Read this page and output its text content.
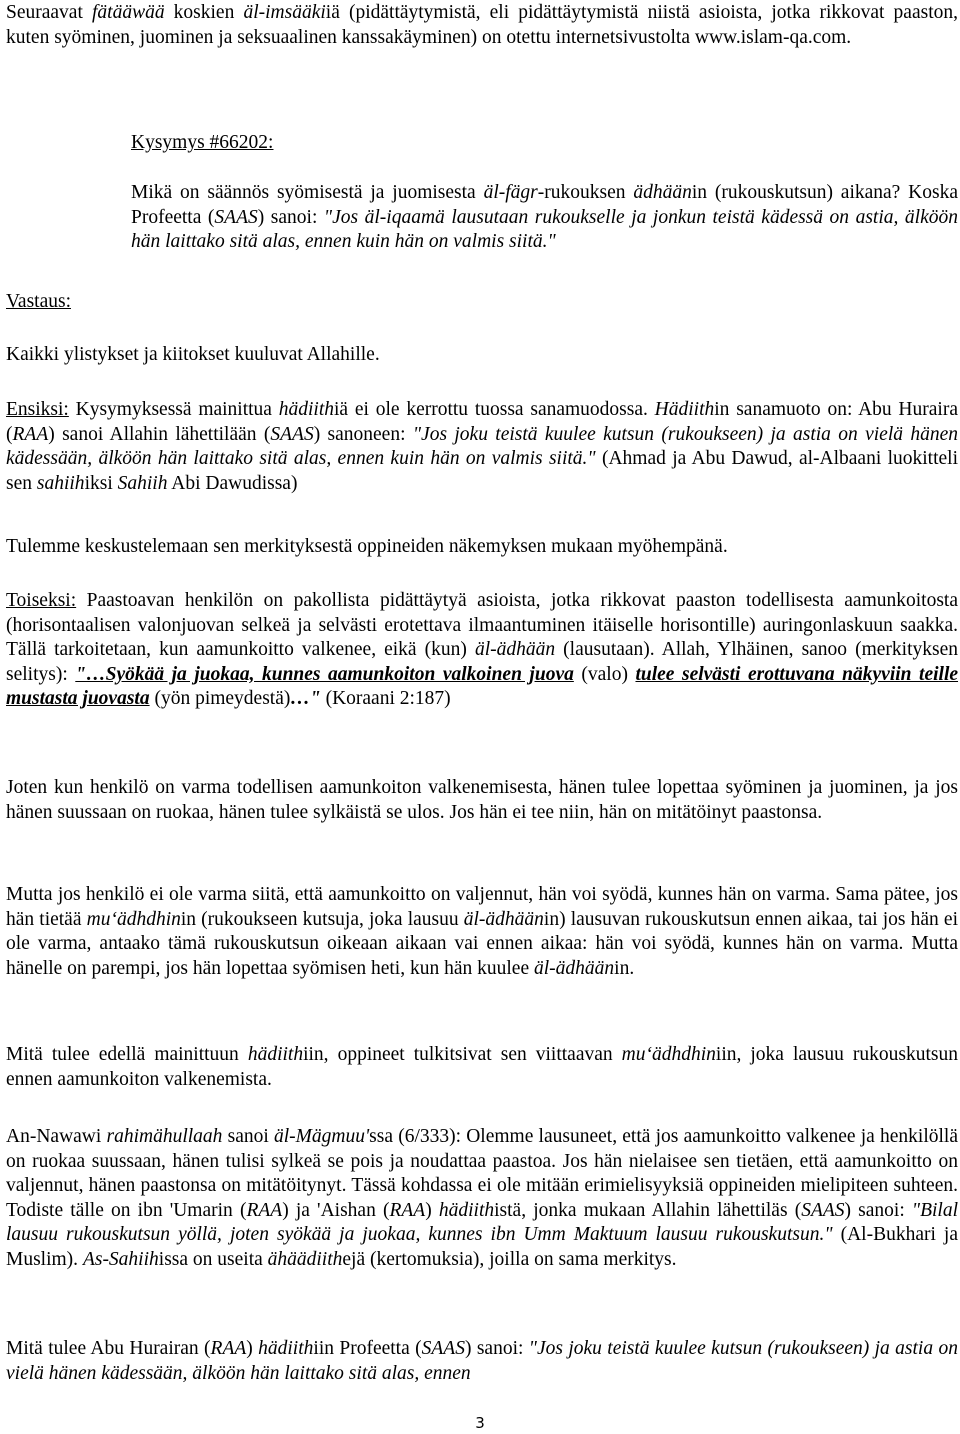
Seuraavat fätääwää koskien äl-imsääkiiä (pidättäytymistä, eli pidättäytymistä niistä asioista, jotka rikkovat paaston, kuten syöminen, juominen ja seksuaalinen kanssakäyminen) on otettu internetsivustolta www.islam-qa.com.

Kysymys #66202:

Mikä on säännös syömisestä ja juomisesta äl-fägr-rukouksen ädhäänin (rukouskutsun) aikana? Koska Profeetta (SAAS) sanoi: "Jos äl-iqaamä lausutaan rukoukselle ja jonkun teistä kädessä on astia, älköön hän laittako sitä alas, ennen kuin hän on valmis siitä."

Vastaus:

Kaikki ylistykset ja kiitokset kuuluvat Allahille.

Ensiksi: Kysymyksessä mainittua hädiithiä ei ole kerrottu tuossa sanamuodossa. Hädiithin sanamuoto on: Abu Huraira (RAA) sanoi Allahin lähettilään (SAAS) sanoneen: "Jos joku teistä kuulee kutsun (rukoukseen) ja astia on vielä hänen kädessään, älköön hän laittako sitä alas, ennen kuin hän on valmis siitä." (Ahmad ja Abu Dawud, al-Albaani luokitteli sen sahiihiksi Sahiih Abi Dawudissa)

Tulemme keskustelemaan sen merkityksestä oppineiden näkemyksen mukaan myöhempänä.

Toiseksi: Paastoavan henkilön on pakollista pidättäytyä asioista, jotka rikkovat paaston todellisesta aamunkoitosta (horisontaalisen valonjuovan selkeä ja selvästi erotettava ilmaantuminen itäiselle horisontille) auringonlaskuun saakka. Tällä tarkoitetaan, kun aamunkoitto valkenee, eikä (kun) äl-ädhään (lausutaan). Allah, Ylhäinen, sanoo (merkityksen selitys): "…Syökää ja juokaa, kunnes aamunkoiton valkoinen juova (valo) tulee selvästi erottuvana näkyviin teille mustasta juovasta (yön pimeydestä)…" (Koraani 2:187)

Joten kun henkilö on varma todellisen aamunkoiton valkenemisesta, hänen tulee lopettaa syöminen ja juominen, ja jos hänen suussaan on ruokaa, hänen tulee sylkäistä se ulos. Jos hän ei tee niin, hän on mitätöinyt paastonsa.

Mutta jos henkilö ei ole varma siitä, että aamunkoitto on valjennut, hän voi syödä, kunnes hän on varma. Sama pätee, jos hän tietää mu‘ädhdhinin (rukoukseen kutsuja, joka lausuu äl-ädhäänin) lausuvan rukouskutsun ennen aikaa, tai jos hän ei ole varma, antaako tämä rukouskutsun oikeaan aikaan vai ennen aikaa: hän voi syödä, kunnes hän on varma. Mutta hänelle on parempi, jos hän lopettaa syömisen heti, kun hän kuulee äl-ädhäänin.

Mitä tulee edellä mainittuun hädiithiin, oppineet tulkitsivat sen viittaavan mu‘ädhdhiniin, joka lausuu rukouskutsun ennen aamunkoiton valkenemista.

An-Nawawi rahimähullaah sanoi äl-Mägmuu'ssa (6/333): Olemme lausuneet, että jos aamunkoitto valkenee ja henkilöllä on ruokaa suussaan, hänen tulisi sylkeä se pois ja noudattaa paastoa. Jos hän nielaisee sen tietäen, että aamunkoitto on valjennut, hänen paastonsa on mitätöitynyt. Tässä kohdassa ei ole mitään erimielisyyksiä oppineiden mielipiteen suhteen. Todiste tälle on ibn 'Umarin (RAA) ja 'Aishan (RAA) hädiithistä, jonka mukaan Allahin lähettiläs (SAAS) sanoi: "Bilal lausuu rukouskutsun yöllä, joten syökää ja juokaa, kunnes ibn Umm Maktuum lausuu rukouskutsun." (Al-Bukhari ja Muslim). As-Sahiihissa on useita ähäädiithejä (kertomuksia), joilla on sama merkitys.

Mitä tulee Abu Hurairan (RAA) hädiithiin Profeetta (SAAS) sanoi: "Jos joku teistä kuulee kutsun (rukoukseen) ja astia on vielä hänen kädessään, älköön hän laittako sitä alas, ennen

3
